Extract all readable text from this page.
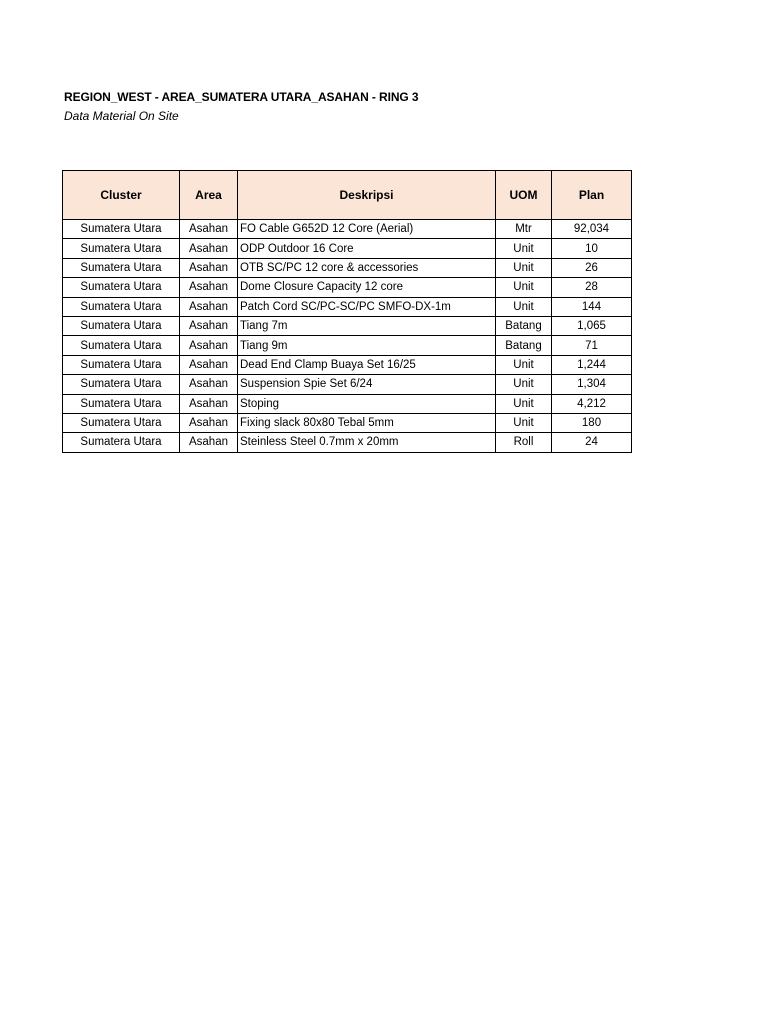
REGION_WEST - AREA_SUMATERA UTARA_ASAHAN - RING 3
Data Material On Site
Cluster	Area	Deskripsi	UOM	Plan
Sumatera Utara	Asahan	FO Cable G652D 12 Core (Aerial)	Mtr	92,034
Sumatera Utara	Asahan	ODP Outdoor 16 Core	Unit	10
Sumatera Utara	Asahan	OTB SC/PC 12 core & accessories	Unit	26
Sumatera Utara	Asahan	Dome Closure Capacity 12 core	Unit	28
Sumatera Utara	Asahan	Patch Cord SC/PC-SC/PC SMFO-DX-1m	Unit	144
Sumatera Utara	Asahan	Tiang 7m	Batang	1,065
Sumatera Utara	Asahan	Tiang 9m	Batang	71
Sumatera Utara	Asahan	Dead End Clamp Buaya Set 16/25	Unit	1,244
Sumatera Utara	Asahan	Suspension Spie Set 6/24	Unit	1,304
Sumatera Utara	Asahan	Stoping	Unit	4,212
Sumatera Utara	Asahan	Fixing slack 80x80 Tebal 5mm	Unit	180
Sumatera Utara	Asahan	Steinless Steel 0.7mm x 20mm	Roll	24
